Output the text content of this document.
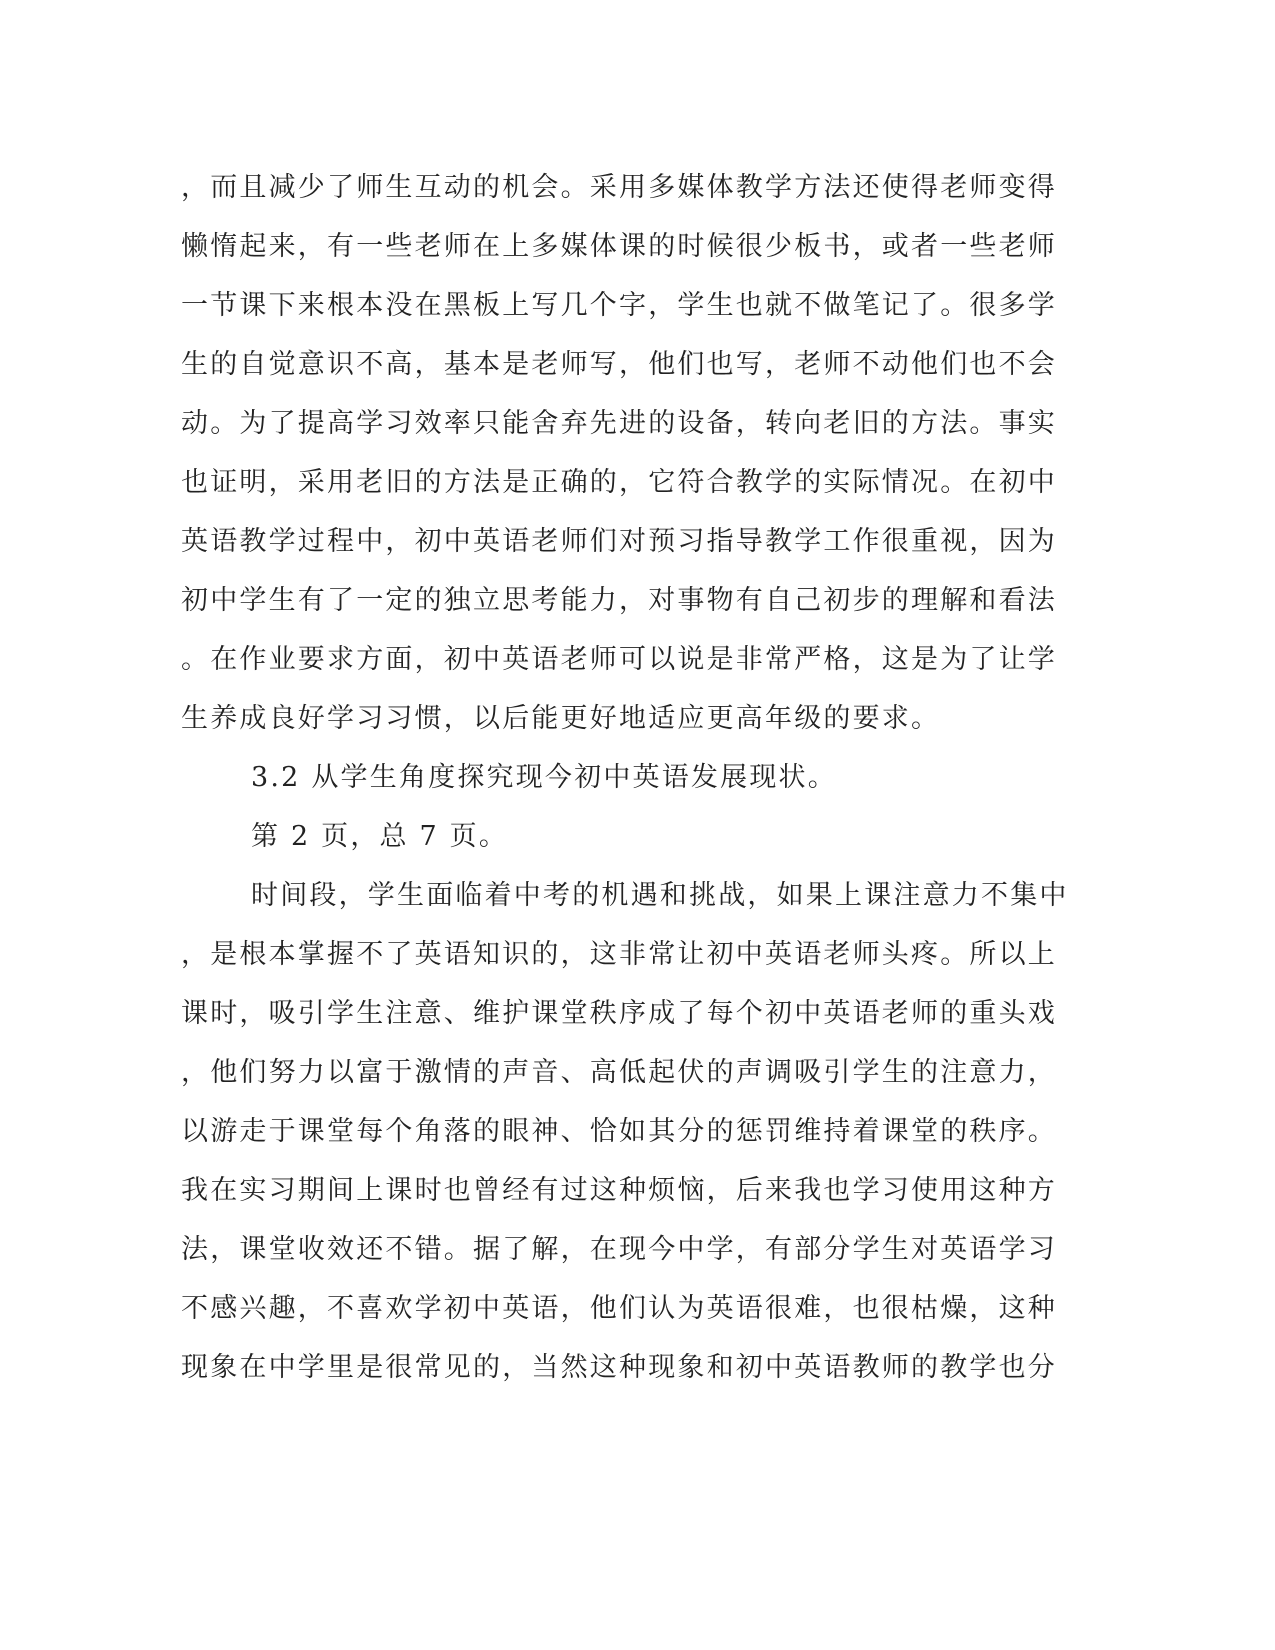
，而且减少了师生互动的机会。采用多媒体教学方法还使得老师变得
懒惰起来，有一些老师在上多媒体课的时候很少板书，或者一些老师
一节课下来根本没在黑板上写几个字，学生也就不做笔记了。很多学
生的自觉意识不高，基本是老师写，他们也写，老师不动他们也不会
动。为了提高学习效率只能舍弃先进的设备，转向老旧的方法。事实
也证明，采用老旧的方法是正确的，它符合教学的实际情况。在初中
英语教学过程中，初中英语老师们对预习指导教学工作很重视，因为
初中学生有了一定的独立思考能力，对事物有自己初步的理解和看法
。在作业要求方面，初中英语老师可以说是非常严格，这是为了让学
生养成良好学习习惯，以后能更好地适应更高年级的要求。
3.2 从学生角度探究现今初中英语发展现状。
第 2 页，总 7 页。
时间段，学生面临着中考的机遇和挑战，如果上课注意力不集中
，是根本掌握不了英语知识的，这非常让初中英语老师头疼。所以上
课时，吸引学生注意、维护课堂秩序成了每个初中英语老师的重头戏
，他们努力以富于激情的声音、高低起伏的声调吸引学生的注意力，
以游走于课堂每个角落的眼神、恰如其分的惩罚维持着课堂的秩序。
我在实习期间上课时也曾经有过这种烦恼，后来我也学习使用这种方
法，课堂收效还不错。据了解，在现今中学，有部分学生对英语学习
不感兴趣，不喜欢学初中英语，他们认为英语很难，也很枯燥，这种
现象在中学里是很常见的，当然这种现象和初中英语教师的教学也分
